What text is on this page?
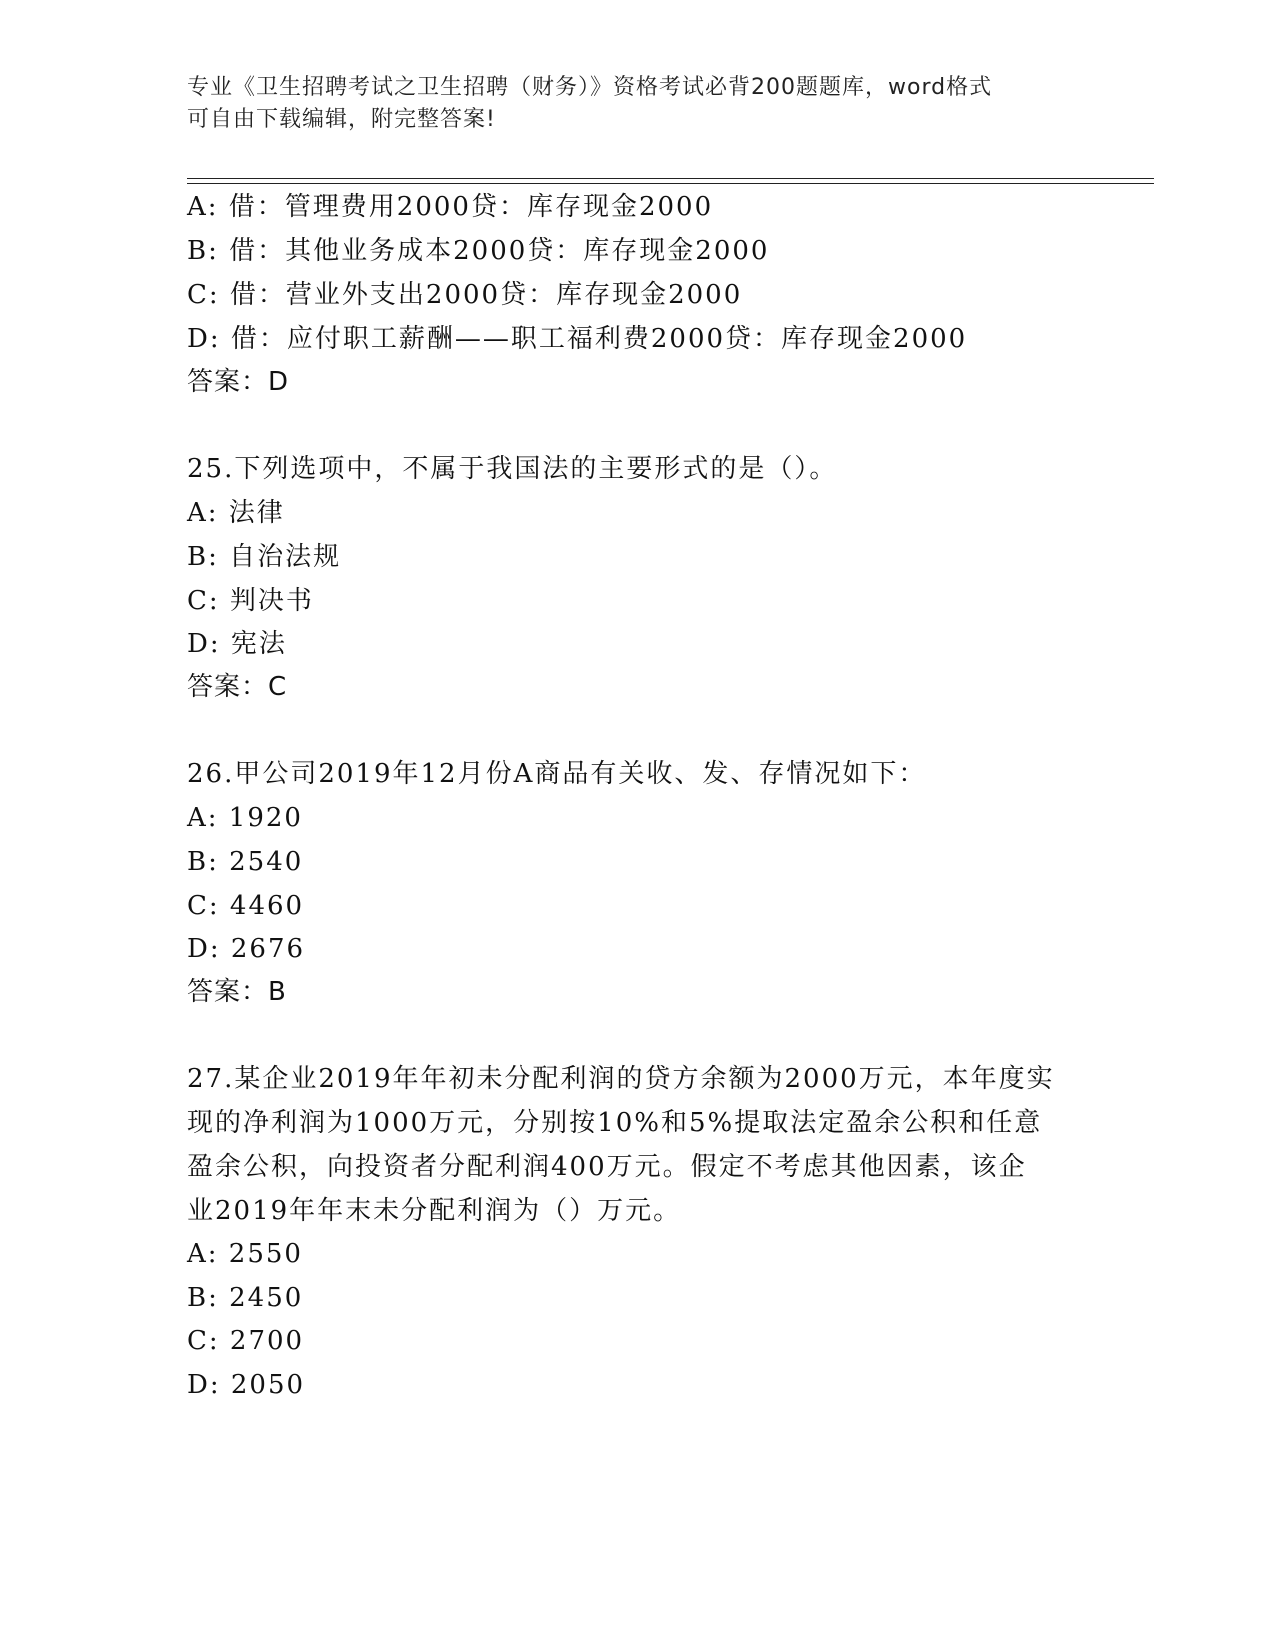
专业《卫生招聘考试之卫生招聘（财务）》资格考试必背200题题库，word格式
可自由下载编辑，附完整答案!
A: 借：管理费用2000贷：库存现金2000
B: 借：其他业务成本2000贷：库存现金2000
C: 借：营业外支出2000贷：库存现金2000
D: 借：应付职工薪酬——职工福利费2000贷：库存现金2000
答案：D
25.下列选项中，不属于我国法的主要形式的是（）。
A: 法律
B: 自治法规
C: 判决书
D: 宪法
答案：C
26.甲公司2019年12月份A商品有关收、发、存情况如下：
A: 1920
B: 2540
C: 4460
D: 2676
答案：B
27.某企业2019年年初未分配利润的贷方余额为2000万元，本年度实
现的净利润为1000万元，分别按10%和5%提取法定盈余公积和任意
盈余公积，向投资者分配利润400万元。假定不考虑其他因素，该企
业2019年年末未分配利润为（）万元。
A: 2550
B: 2450
C: 2700
D: 2050
